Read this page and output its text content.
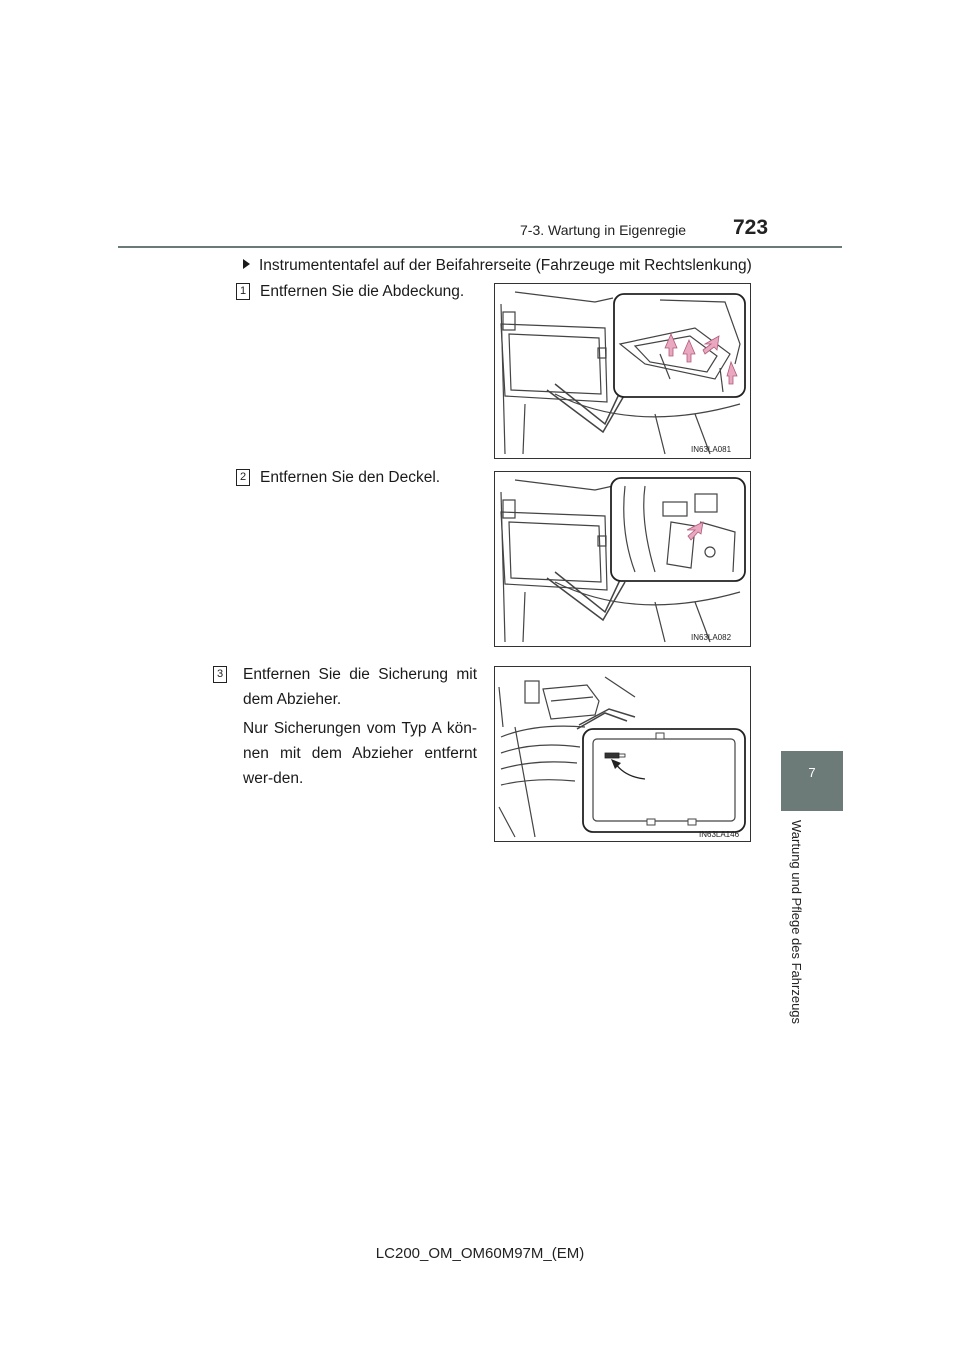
7-3. Wartung in Eigenregie 723
7
Wartung und Pflege des Fahrzeugs
Instrumententafel auf der Beifahrerseite (Fahrzeuge mit Rechtslenkung)
1 Entfernen Sie die Abdeckung.
IN63LA081
2 Entfernen Sie den Deckel.
IN63LA082
3 Entfernen Sie die Sicherung mit dem Abzieher.
Nur Sicherungen vom Typ A kön-nen mit dem Abzieher entfernt wer-den.
IN63LA146
LC200_OM_OM60M97M_(EM)
